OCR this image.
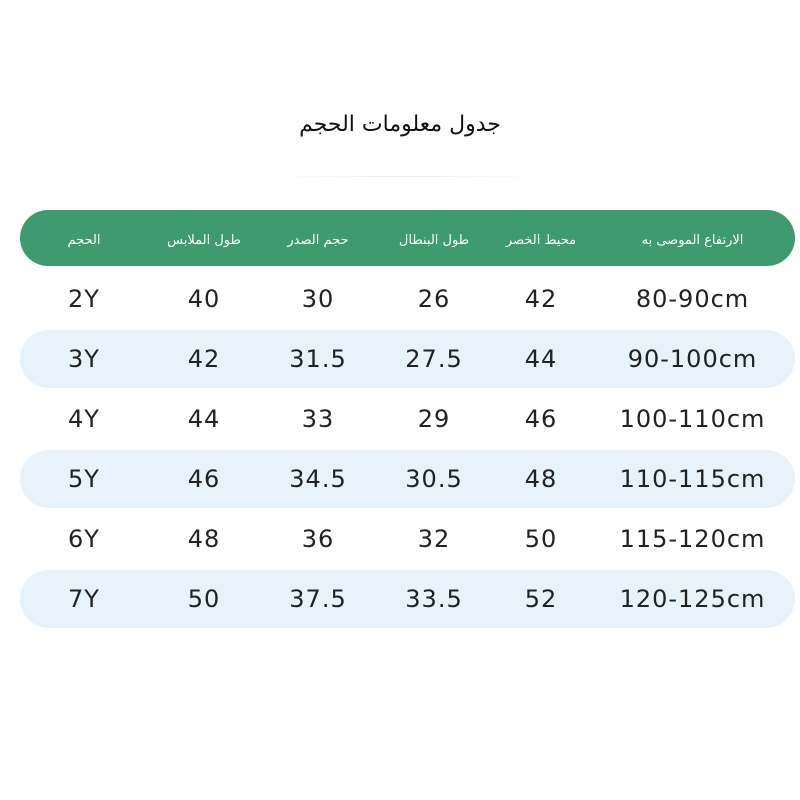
جدول معلومات الحجم
الحجم	طول الملابس	حجم الصدر	طول البنطال	محيط الخصر	الارتفاع الموصى به
2Y	40	30	26	42	80-90cm
3Y	42	31.5	27.5	44	90-100cm
4Y	44	33	29	46	100-110cm
5Y	46	34.5	30.5	48	110-115cm
6Y	48	36	32	50	115-120cm
7Y	50	37.5	33.5	52	120-125cm
